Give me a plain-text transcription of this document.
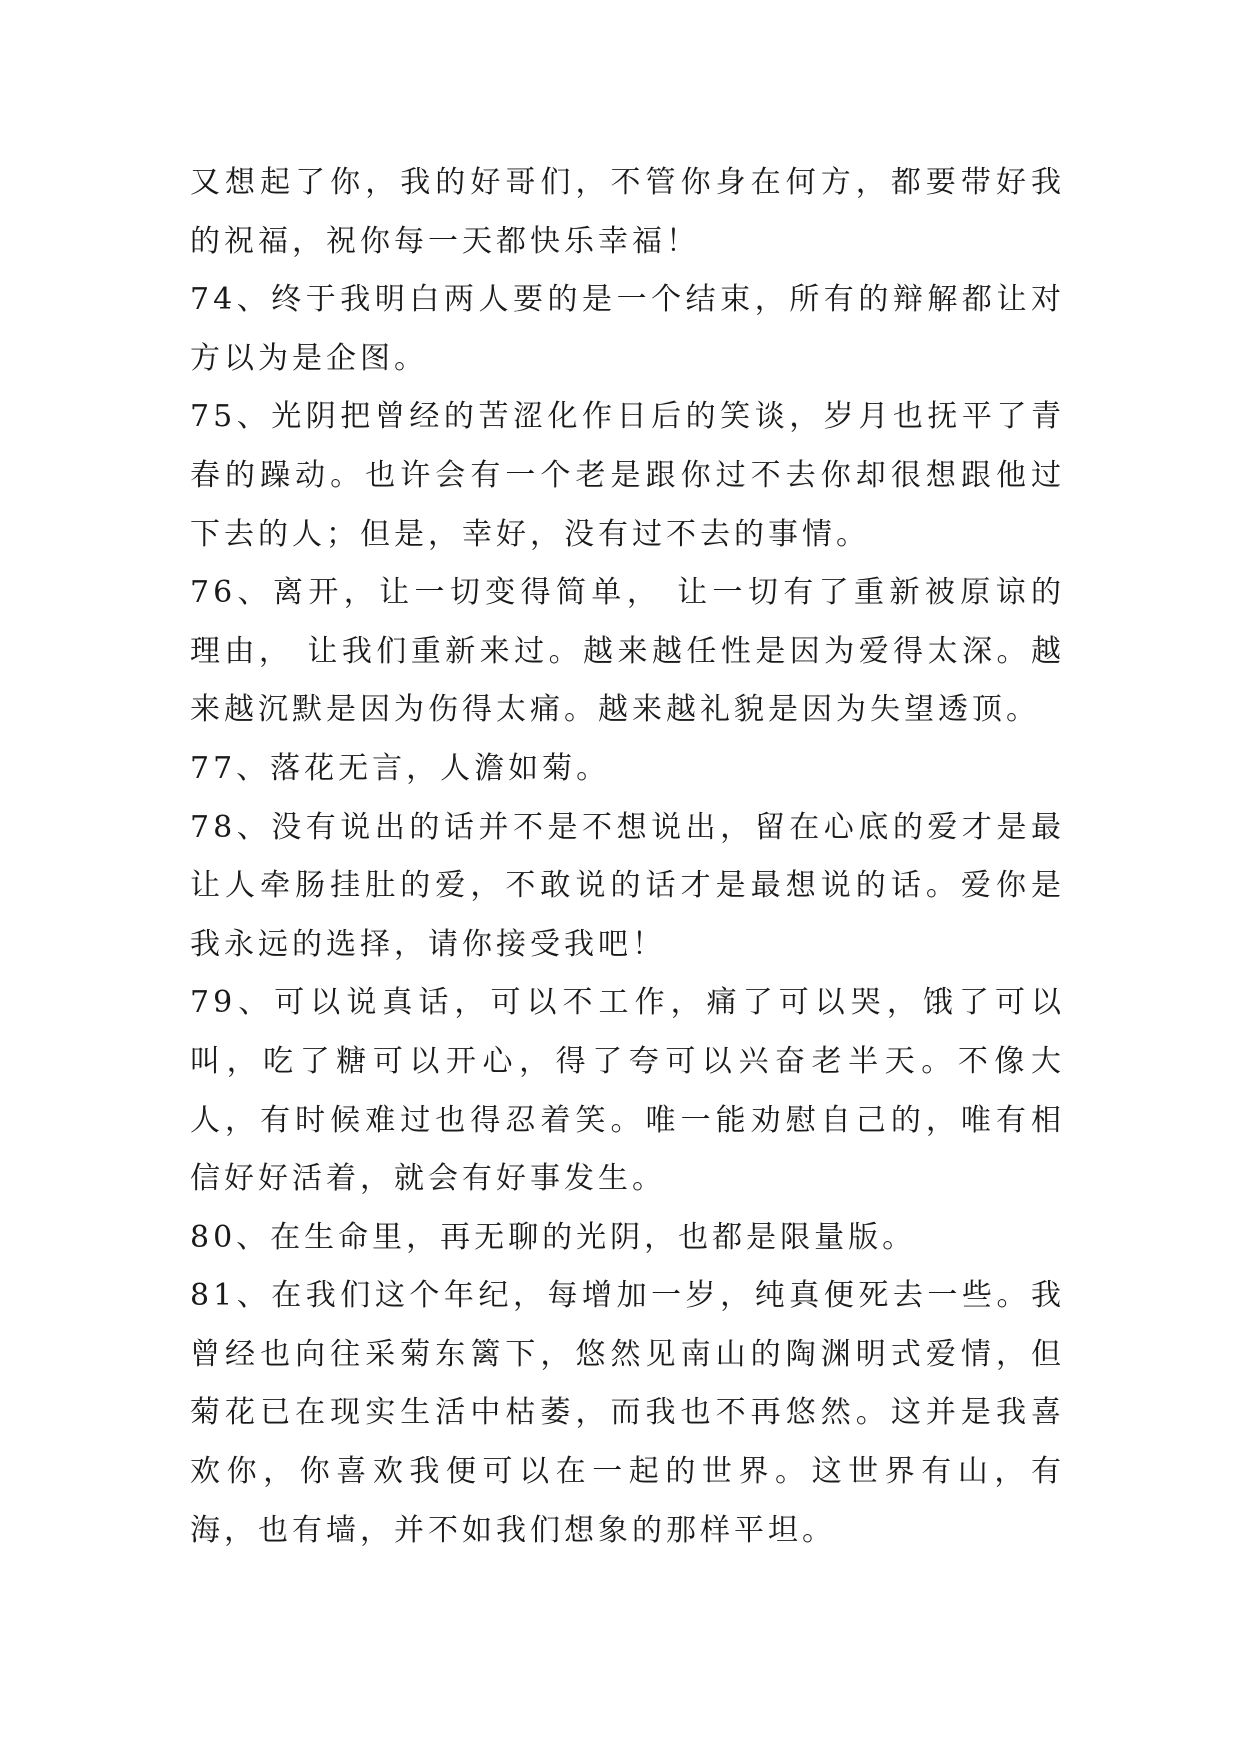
又想起了你，我的好哥们，不管你身在何方，都要带好我的祝福，祝你每一天都快乐幸福！

74、终于我明白两人要的是一个结束，所有的辩解都让对方以为是企图。

75、光阴把曾经的苦涩化作日后的笑谈，岁月也抚平了青春的躁动。也许会有一个老是跟你过不去你却很想跟他过下去的人；但是，幸好，没有过不去的事情。

76、离开，让一切变得简单， 让一切有了重新被原谅的理由， 让我们重新来过。越来越任性是因为爱得太深。越来越沉默是因为伤得太痛。越来越礼貌是因为失望透顶。

77、落花无言，人澹如菊。

78、没有说出的话并不是不想说出，留在心底的爱才是最让人牵肠挂肚的爱，不敢说的话才是最想说的话。爱你是我永远的选择，请你接受我吧！

79、可以说真话，可以不工作，痛了可以哭，饿了可以叫，吃了糖可以开心，得了夸可以兴奋老半天。不像大人，有时候难过也得忍着笑。唯一能劝慰自己的，唯有相信好好活着，就会有好事发生。

80、在生命里，再无聊的光阴，也都是限量版。

81、在我们这个年纪，每增加一岁，纯真便死去一些。我曾经也向往采菊东篱下，悠然见南山的陶渊明式爱情，但菊花已在现实生活中枯萎，而我也不再悠然。这并是我喜欢你，你喜欢我便可以在一起的世界。这世界有山，有海，也有墙，并不如我们想象的那样平坦。
